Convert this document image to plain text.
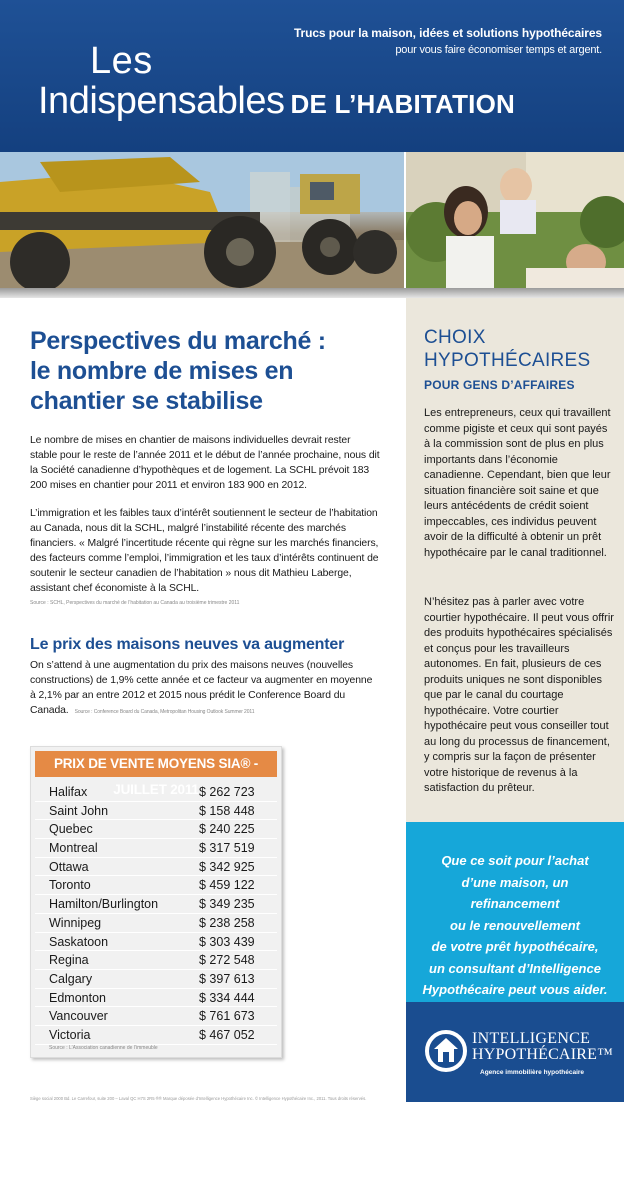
Trucs pour la maison, idées et solutions hypothécaires
pour vous faire économiser temps et argent.
Les
Indispensables DE L’HABITATION
Perspectives du marché :
le nombre de mises en
chantier se stabilise
Le nombre de mises en chantier de maisons individuelles devrait rester stable pour le reste de l’année 2011 et le début de l’année prochaine, nous dit la Société canadienne d’hypothèques et de logement. La SCHL prévoit 183 200 mises en chantier pour 2011 et environ 183 900 en 2012.
L’immigration et les faibles taux d’intérêt soutiennent le secteur de l’habitation au Canada, nous dit la SCHL, malgré l’instabilité récente des marchés financiers. « Malgré l’incertitude récente qui règne sur les marchés financiers, des facteurs comme l’emploi, l’immigration et les taux d’intérêts continuent de soutenir le secteur canadien de l’habitation » nous dit Mathieu Laberge, assistant chef économiste à la SCHL.
Source : SCHL, Perspectives du marché de l’habitation au Canada au troisième trimestre 2011
Le prix des maisons neuves va augmenter
On s’attend à une augmentation du prix des maisons neuves (nouvelles constructions) de 1,9% cette année et ce facteur va augmenter en moyenne à 2,1% par an entre 2012 et 2015 nous prédit le Conference Board du Canada. Source : Conference Board du Canada, Metropolitan Housing Outlook Summer 2011
PRIX DE VENTE MOYENS SIA® - JUILLET 2011
Halifax	$ 262 723
Saint John	$ 158 448
Quebec	$ 240 225
Montreal	$ 317 519
Ottawa	$ 342 925
Toronto	$ 459 122
Hamilton/Burlington	$ 349 235
Winnipeg	$ 238 258
Saskatoon	$ 303 439
Regina	$ 272 548
Calgary	$ 397 613
Edmonton	$ 334 444
Vancouver	$ 761 673
Victoria	$ 467 052
Source : L’Association canadienne de l’immeuble
Siège social 2000 Bd. Le Carrefour, suite 200 – Laval QC H7S 2R5 ®® Marque déposée d’Intelligence Hypothécaire Inc. © Intelligence Hypothécaire Inc., 2011. Tous droits réservés.
CHOIX
HYPOTHÉCAIRES
POUR GENS D’AFFAIRES
Les entrepreneurs, ceux qui travaillent comme pigiste et ceux qui sont payés à la commission sont de plus en plus importants dans l’économie canadienne. Cependant, bien que leur situation financière soit saine et que leurs antécédents de crédit soient impeccables, ces individus peuvent avoir de la difficulté à obtenir un prêt hypothécaire par le canal traditionnel.
N’hésitez pas à parler avec votre courtier hypothécaire. Il peut vous offrir des produits hypothécaires spécialisés et conçus pour les travailleurs autonomes. En fait, plusieurs de ces produits uniques ne sont disponibles que par le canal du courtage hypothécaire. Votre courtier hypothécaire peut vous conseiller tout au long du processus de financement, y compris sur la façon de présenter votre historique de revenus à la satisfaction du prêteur.
Que ce soit pour l’achat
d’une maison, un refinancement
ou le renouvellement
de votre prêt hypothécaire,
un consultant d’Intelligence
Hypothécaire peut vous aider.
INTELLIGENCE
HYPOTHÉCAIRE™
Agence immobilière hypothécaire
